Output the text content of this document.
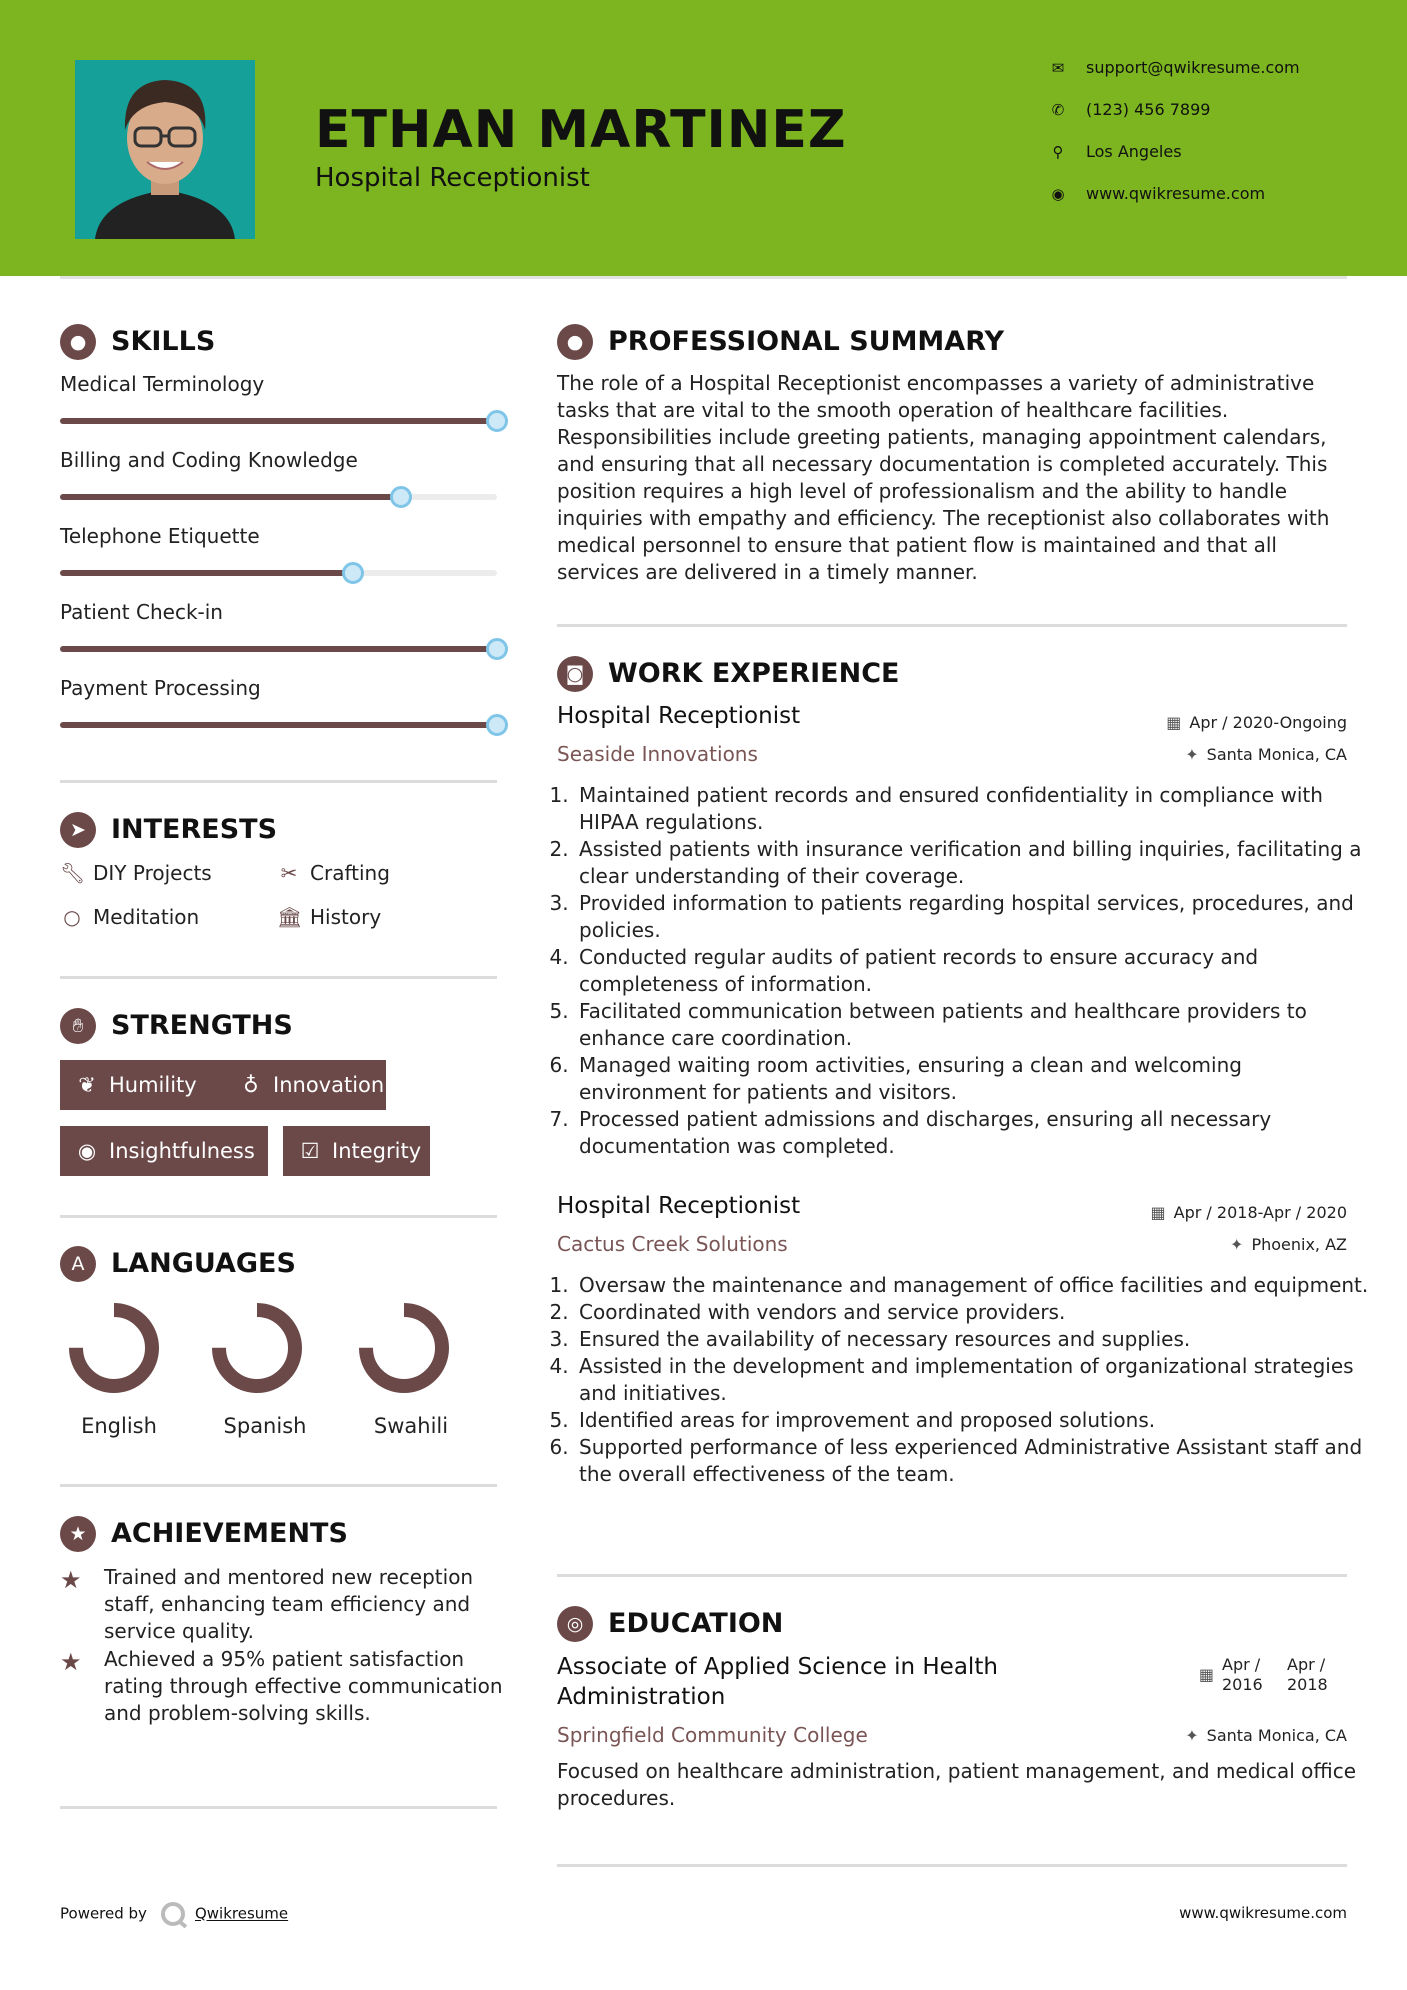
ETHAN MARTINEZ
Hospital Receptionist
✉ support@qwikresume.com
✆ (123) 456 7899
⚲ Los Angeles
◉ www.qwikresume.com
● SKILLS
Medical Terminology
Billing and Coding Knowledge
Telephone Etiquette
Patient Check-in
Payment Processing
➤ INTERESTS
🔧︎ DIY Projects	✂ Crafting
○ Meditation	🏛︎ History
✋︎	STRENGTHS
❦ Humility	♁ Innovation
◉ Insightfulness	☑ Integrity
A LANGUAGES
English	Spanish	Swahili
★ ACHIEVEMENTS
★ Trained and mentored new reception staff, enhancing team efficiency and service quality.
★ Achieved a 95% patient satisfaction rating through effective communication and problem-solving skills.
● PROFESSIONAL SUMMARY
The role of a Hospital Receptionist encompasses a variety of administrative tasks that are vital to the smooth operation of healthcare facilities. Responsibilities include greeting patients, managing appointment calendars, and ensuring that all necessary documentation is completed accurately. This position requires a high level of professionalism and the ability to handle inquiries with empathy and efficiency. The receptionist also collaborates with medical personnel to ensure that patient flow is maintained and that all services are delivered in a timely manner.
◙ WORK EXPERIENCE
Hospital Receptionist	▦ Apr / 2020-Ongoing
Seaside Innovations	✦ Santa Monica, CA
1. Maintained patient records and ensured confidentiality in compliance with HIPAA regulations.
2. Assisted patients with insurance verification and billing inquiries, facilitating a clear understanding of their coverage.
3. Provided information to patients regarding hospital services, procedures, and policies.
4. Conducted regular audits of patient records to ensure accuracy and completeness of information.
5. Facilitated communication between patients and healthcare providers to enhance care coordination.
6. Managed waiting room activities, ensuring a clean and welcoming environment for patients and visitors.
7. Processed patient admissions and discharges, ensuring all necessary documentation was completed.
Hospital Receptionist	▦ Apr / 2018-Apr / 2020
Cactus Creek Solutions	✦ Phoenix, AZ
1. Oversaw the maintenance and management of office facilities and equipment.
2. Coordinated with vendors and service providers.
3. Ensured the availability of necessary resources and supplies.
4. Assisted in the development and implementation of organizational strategies and initiatives.
5. Identified areas for improvement and proposed solutions.
6. Supported performance of less experienced Administrative Assistant staff and the overall effectiveness of the team.
◎ EDUCATION
Associate of Applied Science in Health Administration
▦Apr / 2016 Apr / 2018
Springfield Community College	✦ Santa Monica, CA
Focused on healthcare administration, patient management, and medical office procedures.
Powered by	Qwikresume	www.qwikresume.com
